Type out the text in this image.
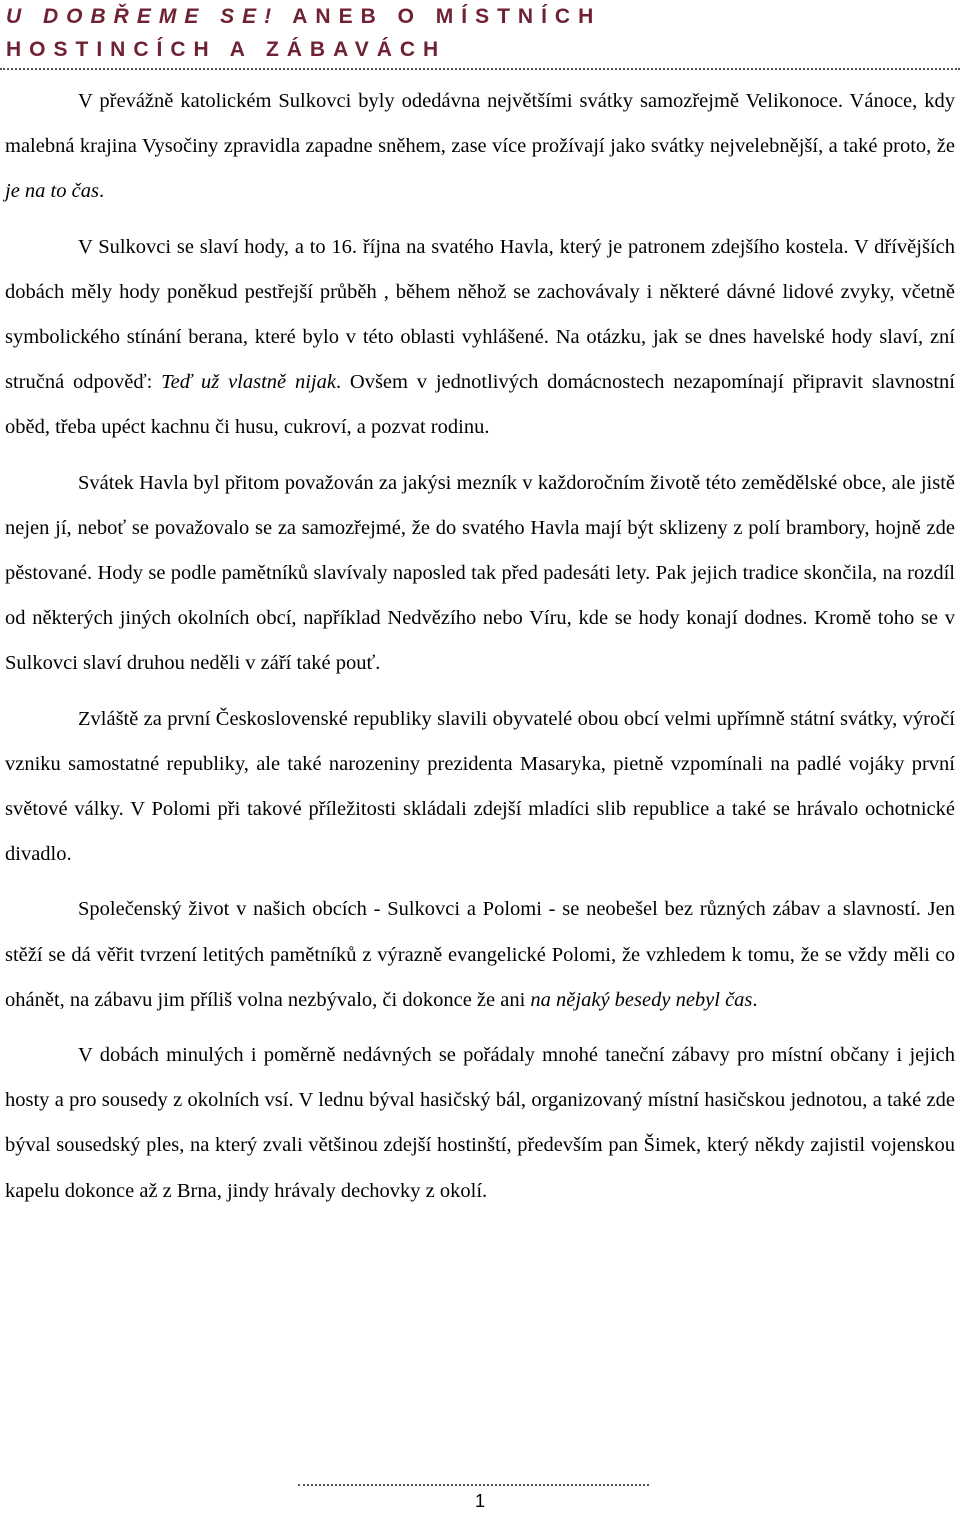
U DOBŘEME SE! ANEB O MÍSTNÍCH
HOSTINCÍCH A ZÁBAVÁCH

V převážně katolickém Sulkovci byly odedávna největšími svátky samozřejmě Velikonoce. Vánoce, kdy malebná krajina Vysočiny zpravidla zapadne sněhem, zase více prožívají jako svátky nejvelebnější, a také proto, že je na to čas.

V Sulkovci se slaví hody, a to 16. října na svatého Havla, který je patronem zdejšího kostela. V dřívějších dobách měly hody poněkud pestřejší průběh , během něhož se zachovávaly i některé dávné lidové zvyky, včetně symbolického stínání berana, které bylo v této oblasti vyhlášené. Na otázku, jak se dnes havelské hody slaví, zní stručná odpověď: Teď už vlastně nijak. Ovšem v jednotlivých domácnostech nezapomínají připravit slavnostní oběd, třeba upéct kachnu či husu, cukroví, a pozvat rodinu.

Svátek Havla byl přitom považován za jakýsi mezník v každoročním životě této zemědělské obce, ale jistě nejen jí, neboť se považovalo se za samozřejmé, že do svatého Havla mají být sklizeny z polí brambory, hojně zde pěstované. Hody se podle pamětníků slavívaly naposled tak před padesáti lety. Pak jejich tradice skončila, na rozdíl od některých jiných okolních obcí, například Nedvězího nebo Víru, kde se hody konají dodnes. Kromě toho se v Sulkovci slaví druhou neděli v září také pouť.

Zvláště za první Československé republiky slavili obyvatelé obou obcí velmi upřímně státní svátky, výročí vzniku samostatné republiky, ale také narozeniny prezidenta Masaryka, pietně vzpomínali na padlé vojáky první světové války. V Polomi při takové příležitosti skládali zdejší mladíci slib republice a také se hrávalo ochotnické divadlo.

Společenský život v našich obcích - Sulkovci a Polomi - se neobešel bez různých zábav a slavností. Jen stěží se dá věřit tvrzení letitých pamětníků z výrazně evangelické Polomi, že vzhledem k tomu, že se vždy měli co ohánět, na zábavu jim příliš volna nezbývalo, či dokonce že ani na nějaký besedy nebyl čas.

V dobách minulých i poměrně nedávných se pořádaly mnohé taneční zábavy pro místní občany i jejich hosty a pro sousedy z okolních vsí. V lednu býval hasičský bál, organizovaný místní hasičskou jednotou, a také zde býval sousedský ples, na který zvali většinou zdejší hostinští, především pan Šimek, který někdy zajistil vojenskou kapelu dokonce až z Brna, jindy hrávaly dechovky z okolí.

1
